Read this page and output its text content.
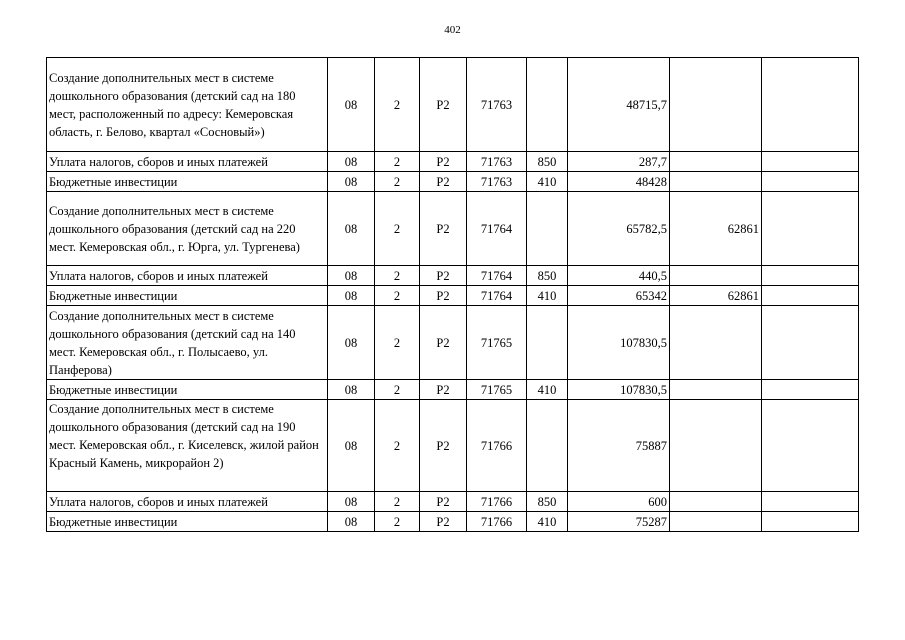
402
Создание дополнительных мест в системе дошкольного образования (детский сад на 180 мест, расположенный по адресу: Кемеровская область, г. Белово, квартал «Сосновый»)	08	2	Р2	71763		48715,7		
Уплата налогов, сборов и иных платежей	08	2	Р2	71763	850	287,7		
Бюджетные инвестиции	08	2	Р2	71763	410	48428		
Создание дополнительных мест в системе дошкольного образования (детский сад на 220 мест. Кемеровская обл., г. Юрга, ул. Тургенева)	08	2	Р2	71764		65782,5	62861	
Уплата налогов, сборов и иных платежей	08	2	Р2	71764	850	440,5		
Бюджетные инвестиции	08	2	Р2	71764	410	65342	62861	
Создание дополнительных мест в системе дошкольного образования (детский сад на 140 мест. Кемеровская обл., г. Полысаево, ул. Панферова)	08	2	Р2	71765		107830,5		
Бюджетные инвестиции	08	2	Р2	71765	410	107830,5		
Создание дополнительных мест в системе дошкольного образования (детский сад на 190 мест. Кемеровская обл., г. Киселевск, жилой район Красный Камень, микрорайон 2)	08	2	Р2	71766		75887		
Уплата налогов, сборов и иных платежей	08	2	Р2	71766	850	600		
Бюджетные инвестиции	08	2	Р2	71766	410	75287		
